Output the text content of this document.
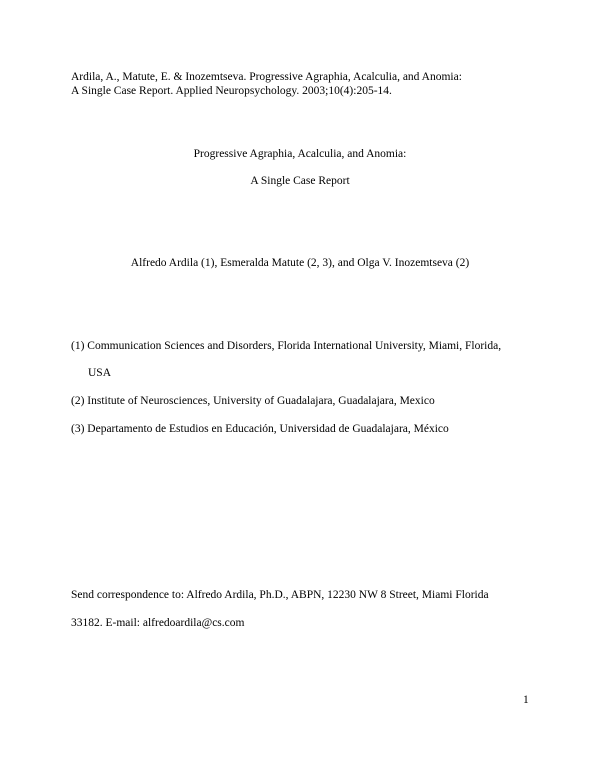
Ardila, A., Matute, E. & Inozemtseva. Progressive Agraphia, Acalculia, and Anomia:

A Single Case Report. Applied Neuropsychology. 2003;10(4):205-14.

Progressive Agraphia, Acalculia, and Anomia:

A Single Case Report

Alfredo Ardila (1), Esmeralda Matute (2, 3), and Olga V. Inozemtseva (2)

(1) Communication Sciences and Disorders, Florida International University, Miami, Florida,

USA

(2) Institute of Neurosciences, University of Guadalajara, Guadalajara, Mexico

(3) Departamento de Estudios en Educación, Universidad de Guadalajara, México

Send correspondence to: Alfredo Ardila, Ph.D., ABPN, 12230 NW 8 Street, Miami Florida

33182. E-mail: alfredoardila@cs.com

1
